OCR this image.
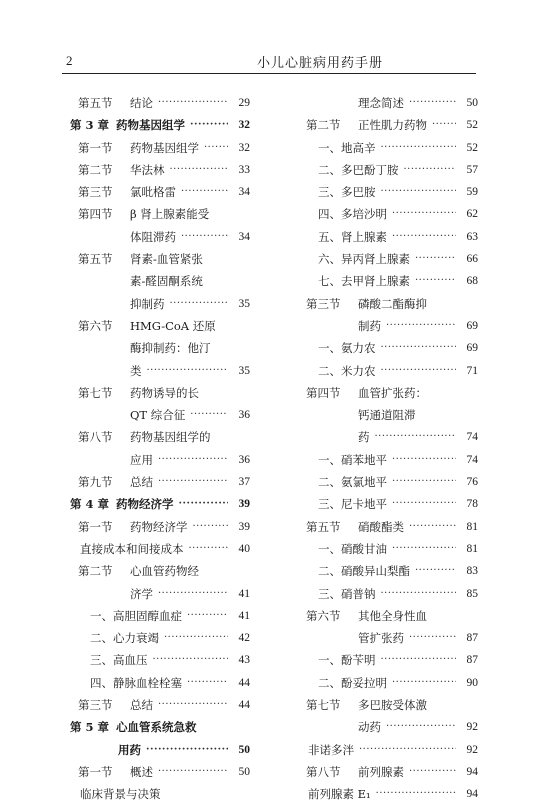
2	小儿心脏病用药手册
第五节 结论 ·····	29
第 3 章 药物基因组学 ·····	32
第一节 药物基因组学 ·····	32
第二节 华法林 ·····	33
第三节 氯吡格雷 ·····	34
第四节 β 肾上腺素能受
体阻滞药 ·····	34
第五节 肾素-血管紧张
素-醛固酮系统
抑制药 ·····	35
第六节 HMG-CoA 还原
酶抑制药：他汀
类 ·····	35
第七节 药物诱导的长
QT 综合征 ·····	36
第八节 药物基因组学的
应用 ·····	36
第九节 总结 ·····	37
第 4 章 药物经济学 ·····	39
第一节 药物经济学 ·····	39
直接成本和间接成本 ·····	40
第二节 心血管药物经
济学 ·····	41
一、高胆固醇血症 ·····	41
二、心力衰竭 ·····	42
三、高血压 ·····	43
四、静脉血栓栓塞 ·····	44
第三节 总结 ·····	44
第 5 章 心血管系统急救
用药 ·····	50
第一节 概述 ·····	50
临床背景与决策
理念简述 ·····	50
第二节 正性肌力药物 ·····	52
一、地高辛 ·····	52
二、多巴酚丁胺 ·····	57
三、多巴胺 ·····	59
四、多培沙明 ·····	62
五、肾上腺素 ·····	63
六、异丙肾上腺素 ·····	66
七、去甲肾上腺素 ·····	68
第三节 磷酸二酯酶抑
制药 ·····	69
一、氨力农 ·····	69
二、米力农 ·····	71
第四节 血管扩张药：
钙通道阻滞
药 ·····	74
一、硝苯地平 ·····	74
二、氨氯地平 ·····	76
三、尼卡地平 ·····	78
第五节 硝酸酯类 ·····	81
一、硝酸甘油 ·····	81
二、硝酸异山梨酯 ·····	83
三、硝普钠 ·····	85
第六节 其他全身性血
管扩张药 ·····	87
一、酚苄明 ·····	87
二、酚妥拉明 ·····	90
第七节 多巴胺受体激
动药 ·····	92
非诺多泮 ·····	92
第八节 前列腺素 ·····	94
前列腺素 E₁ ·····	94
